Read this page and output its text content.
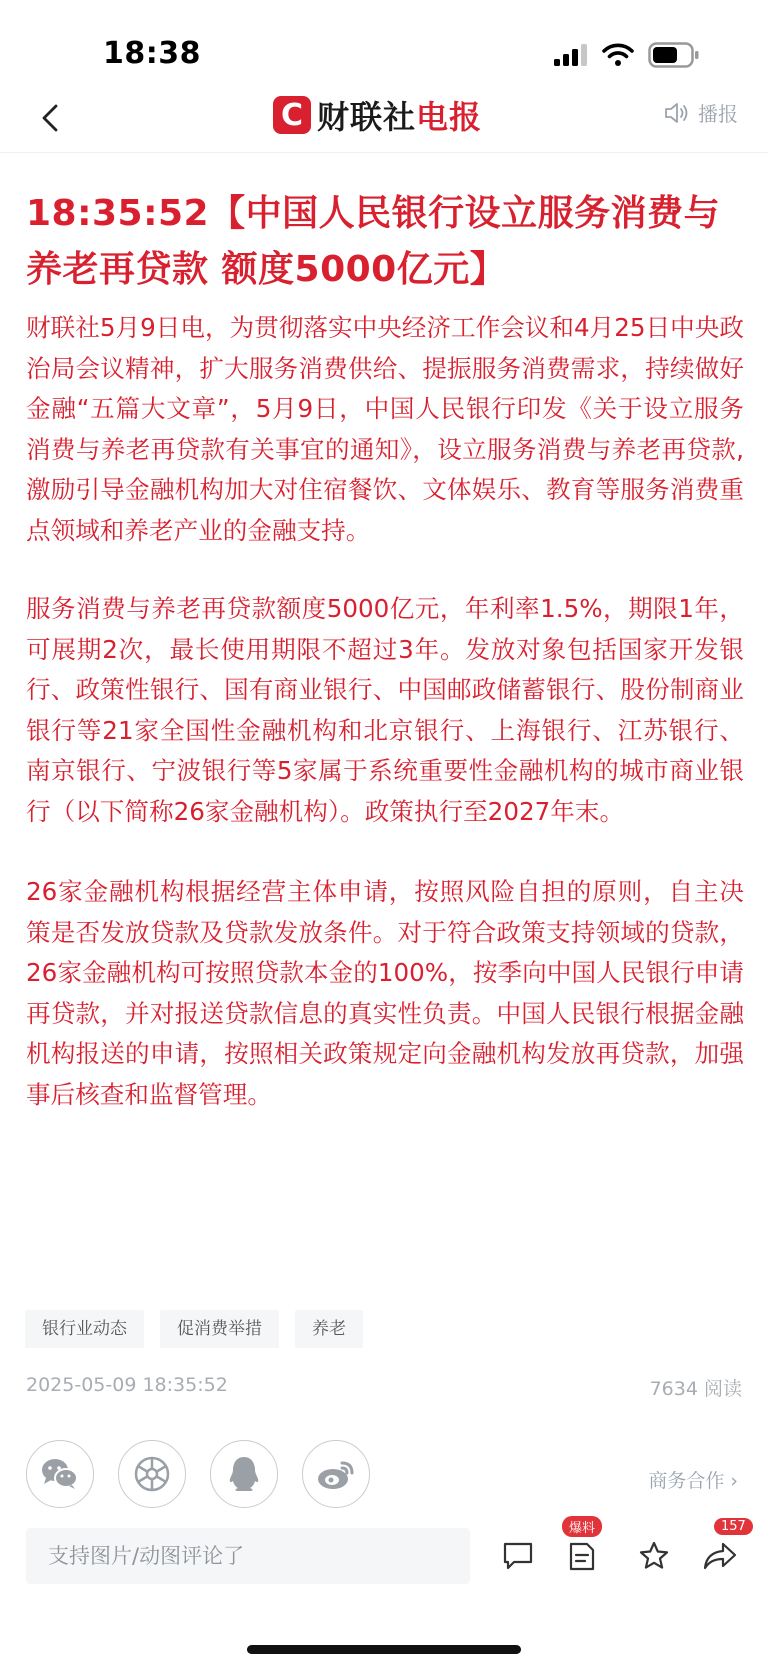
18:38
C 财联社电报	播报
18:35:52【中国人民银行设立服务消费与养老再贷款 额度5000亿元】

财联社5月9日电，为贯彻落实中央经济工作会议和4月25日中央政治局会议精神，扩大服务消费供给、提振服务消费需求，持续做好金融“五篇大文章”，5月9日，中国人民银行印发《关于设立服务消费与养老再贷款有关事宜的通知》，设立服务消费与养老再贷款,激励引导金融机构加大对住宿餐饮、文体娱乐、教育等服务消费重点领域和养老产业的金融支持。

服务消费与养老再贷款额度5000亿元，年利率1.5%，期限1年，可展期2次，最长使用期限不超过3年。发放对象包括国家开发银行、政策性银行、国有商业银行、中国邮政储蓄银行、股份制商业银行等21家全国性金融机构和北京银行、上海银行、江苏银行、南京银行、宁波银行等5家属于系统重要性金融机构的城市商业银行（以下简称26家金融机构）。政策执行至2027年末。

26家金融机构根据经营主体申请，按照风险自担的原则，自主决策是否发放贷款及贷款发放条件。对于符合政策支持领域的贷款，26家金融机构可按照贷款本金的100%，按季向中国人民银行申请再贷款，并对报送贷款信息的真实性负责。中国人民银行根据金融机构报送的申请，按照相关政策规定向金融机构发放再贷款，加强事后核查和监督管理。

银行业动态	促消费举措	养老
2025-05-09 18:35:52	7634 阅读
商务合作 ›
支持图片/动图评论了
爆料	157
